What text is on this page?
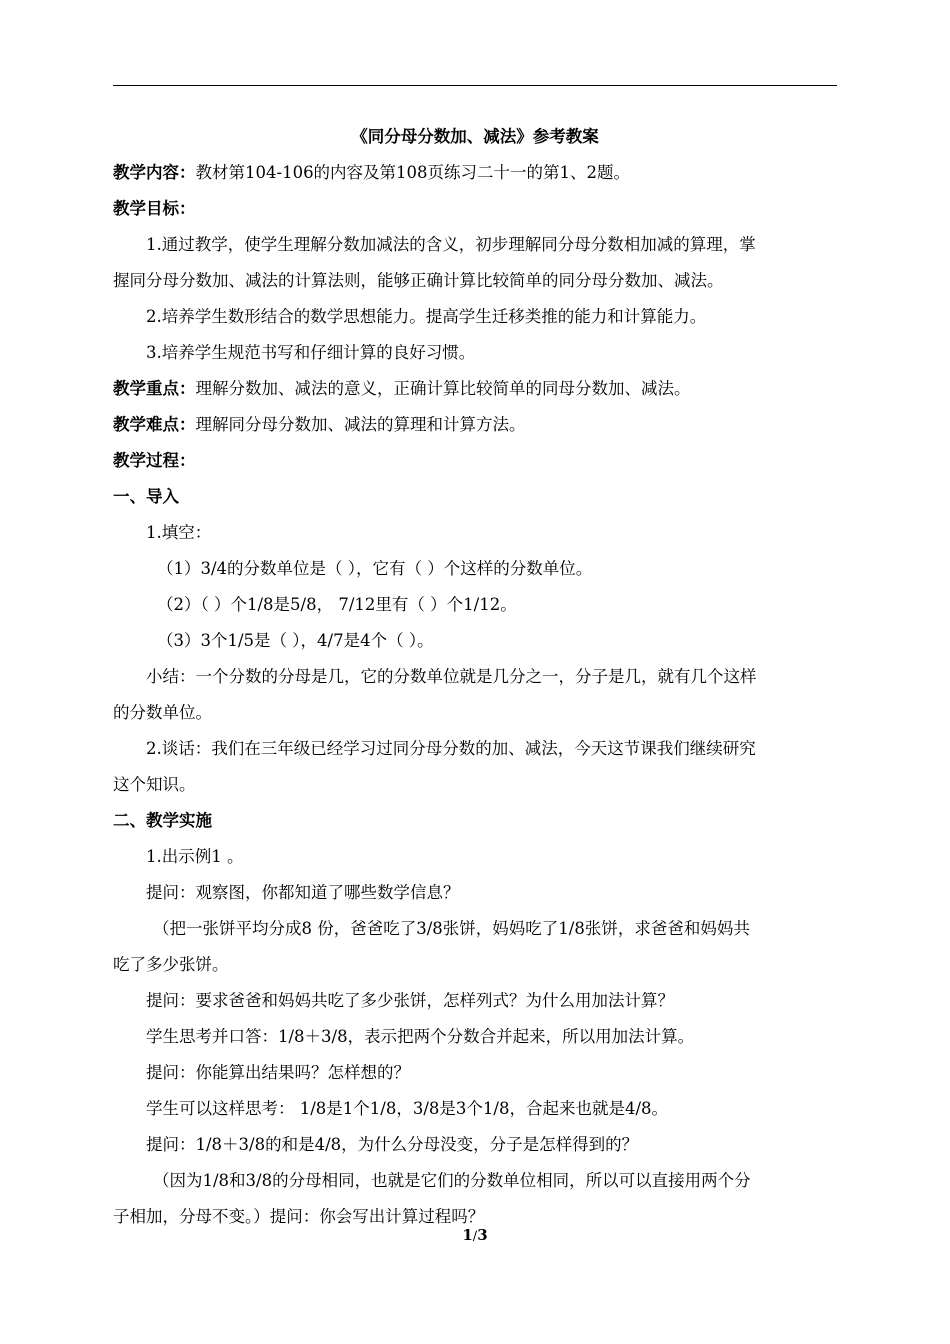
《同分母分数加、减法》参考教案

教学内容：教材第104-106的内容及第108页练习二十一的第1、2题。

教学目标：

1.通过教学，使学生理解分数加减法的含义，初步理解同分母分数相加减的算理，掌

握同分母分数加、减法的计算法则，能够正确计算比较简单的同分母分数加、减法。

2.培养学生数形结合的数学思想能力。提高学生迁移类推的能力和计算能力。

3.培养学生规范书写和仔细计算的良好习惯。

教学重点：理解分数加、减法的意义，正确计算比较简单的同母分数加、减法。

教学难点：理解同分母分数加、减法的算理和计算方法。

教学过程：

一、导入

1.填空：

（1）3/4的分数单位是（ ），它有（ ）个这样的分数单位。

（2）（ ）个1/8是5/8， 7/12里有（ ）个1/12。

（3）3个1/5是（ ），4/7是4个（ ）。

小结：一个分数的分母是几，它的分数单位就是几分之一，分子是几，就有几个这样

的分数单位。

2.谈话：我们在三年级已经学习过同分母分数的加、减法，今天这节课我们继续研究

这个知识。

二、教学实施

1.出示例1 。

提问：观察图，你都知道了哪些数学信息？

（把一张饼平均分成8 份，爸爸吃了3/8张饼，妈妈吃了1/8张饼，求爸爸和妈妈共

吃了多少张饼。

提问：要求爸爸和妈妈共吃了多少张饼，怎样列式？为什么用加法计算？

学生思考并口答：1/8＋3/8，表示把两个分数合并起来，所以用加法计算。

提问：你能算出结果吗？怎样想的？

学生可以这样思考： 1/8是1个1/8，3/8是3个1/8，合起来也就是4/8。

提问：1/8＋3/8的和是4/8，为什么分母没变，分子是怎样得到的？

（因为1/8和3/8的分母相同，也就是它们的分数单位相同，所以可以直接用两个分

子相加，分母不变。）提问：你会写出计算过程吗？

1/3
